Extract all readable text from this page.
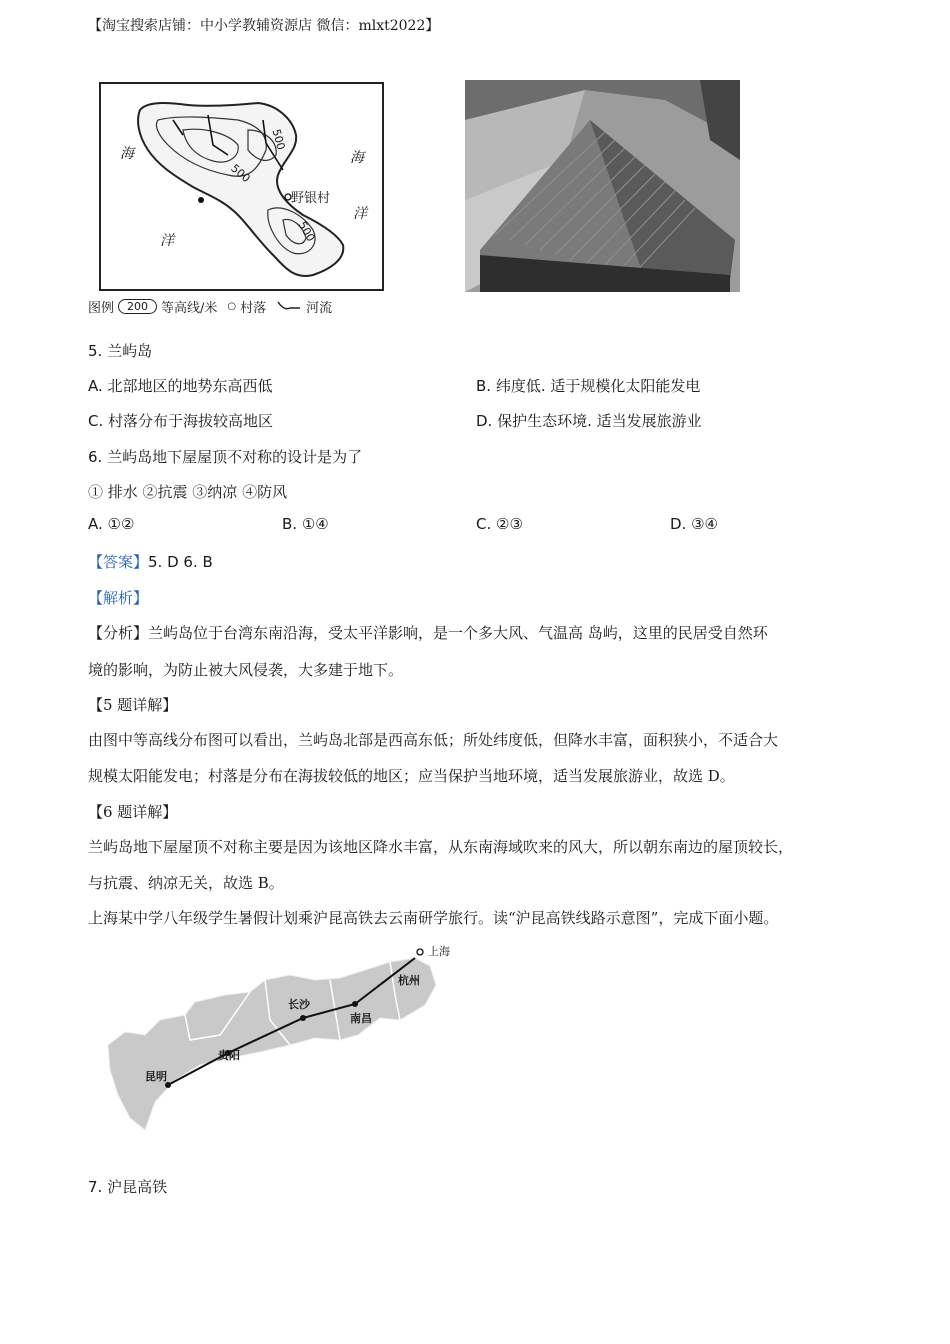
【淘宝搜索店铺：中小学教辅资源店 微信：mlxt2022】
海	海
洋
洋
野银村
500
500
500
图例	200	等高线/米 ○ 村落	河流
5. 兰屿岛
A. 北部地区的地势东高西低	B. 纬度低. 适于规模化太阳能发电
C. 村落分布于海拔较高地区	D. 保护生态环境. 适当发展旅游业
6. 兰屿岛地下屋屋顶不对称的设计是为了
① 排水 ②抗震 ③纳凉 ④防风
A. ①②	B. ①④	C. ②③	D. ③④
【答案】5. D 6. B
【解析】
【分析】兰屿岛位于台湾东南沿海，受太平洋影响，是一个多大风、气温高 岛屿，这里的民居受自然环
境的影响，为防止被大风侵袭，大多建于地下。
【5 题详解】
由图中等高线分布图可以看出，兰屿岛北部是西高东低；所处纬度低，但降水丰富，面积狭小，不适合大
规模太阳能发电；村落是分布在海拔较低的地区；应当保护当地环境，适当发展旅游业，故选 D。
【6 题详解】
兰屿岛地下屋屋顶不对称主要是因为该地区降水丰富，从东南海域吹来的风大，所以朝东南边的屋顶较长，
与抗震、纳凉无关，故选 B。
上海某中学八年级学生暑假计划乘沪昆高铁去云南研学旅行。读“沪昆高铁线路示意图”，完成下面小题。
上海
杭州
南昌
长沙
贵阳
昆明
7. 沪昆高铁
